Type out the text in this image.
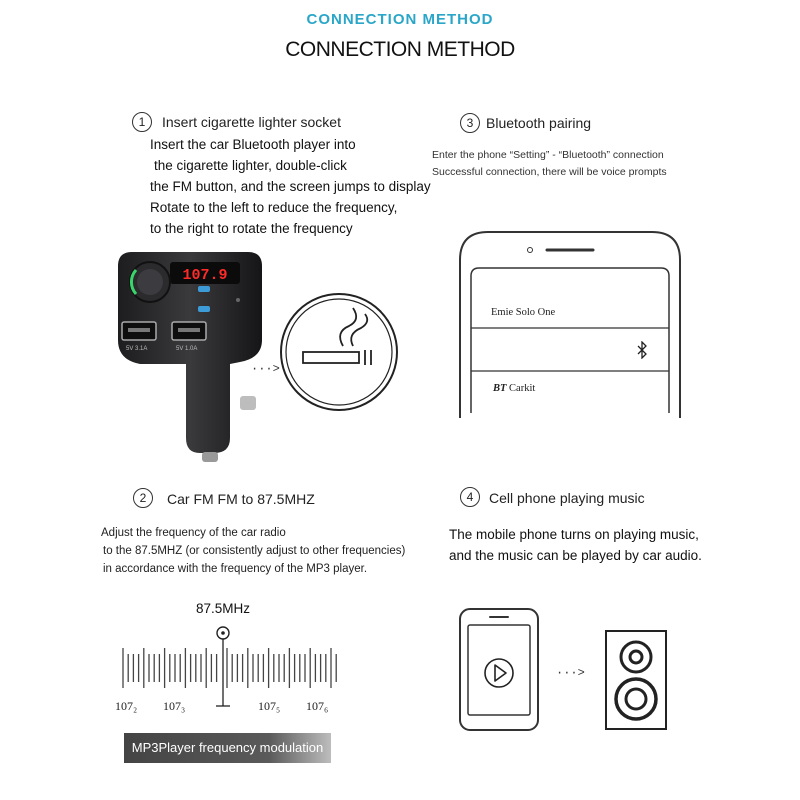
CONNECTION METHOD
CONNECTION METHOD
1	Insert cigarette lighter socket
Insert the car Bluetooth player into
the cigarette lighter, double-click
the FM button, and the screen jumps to display
Rotate to the left to reduce the frequency,
to the right to rotate the frequency
107.9
5V 3.1A	5V 1.0A
···>
3 Bluetooth pairing
Enter the phone “Setting” - “Bluetooth” connection
Successful connection, there will be voice prompts
Emie Solo One
BT Carkit
2	Car FM FM to 87.5MHZ
Adjust the frequency of the car radio
to the 87.5MHZ (or consistently adjust to other frequencies)
in accordance with the frequency of the MP3 player.
87.5MHz
107₂ 107₃	107₅ 107₆
MP3Player frequency modulation
4	Cell phone playing music
The mobile phone turns on playing music,
and the music can be played by car audio.
···>
